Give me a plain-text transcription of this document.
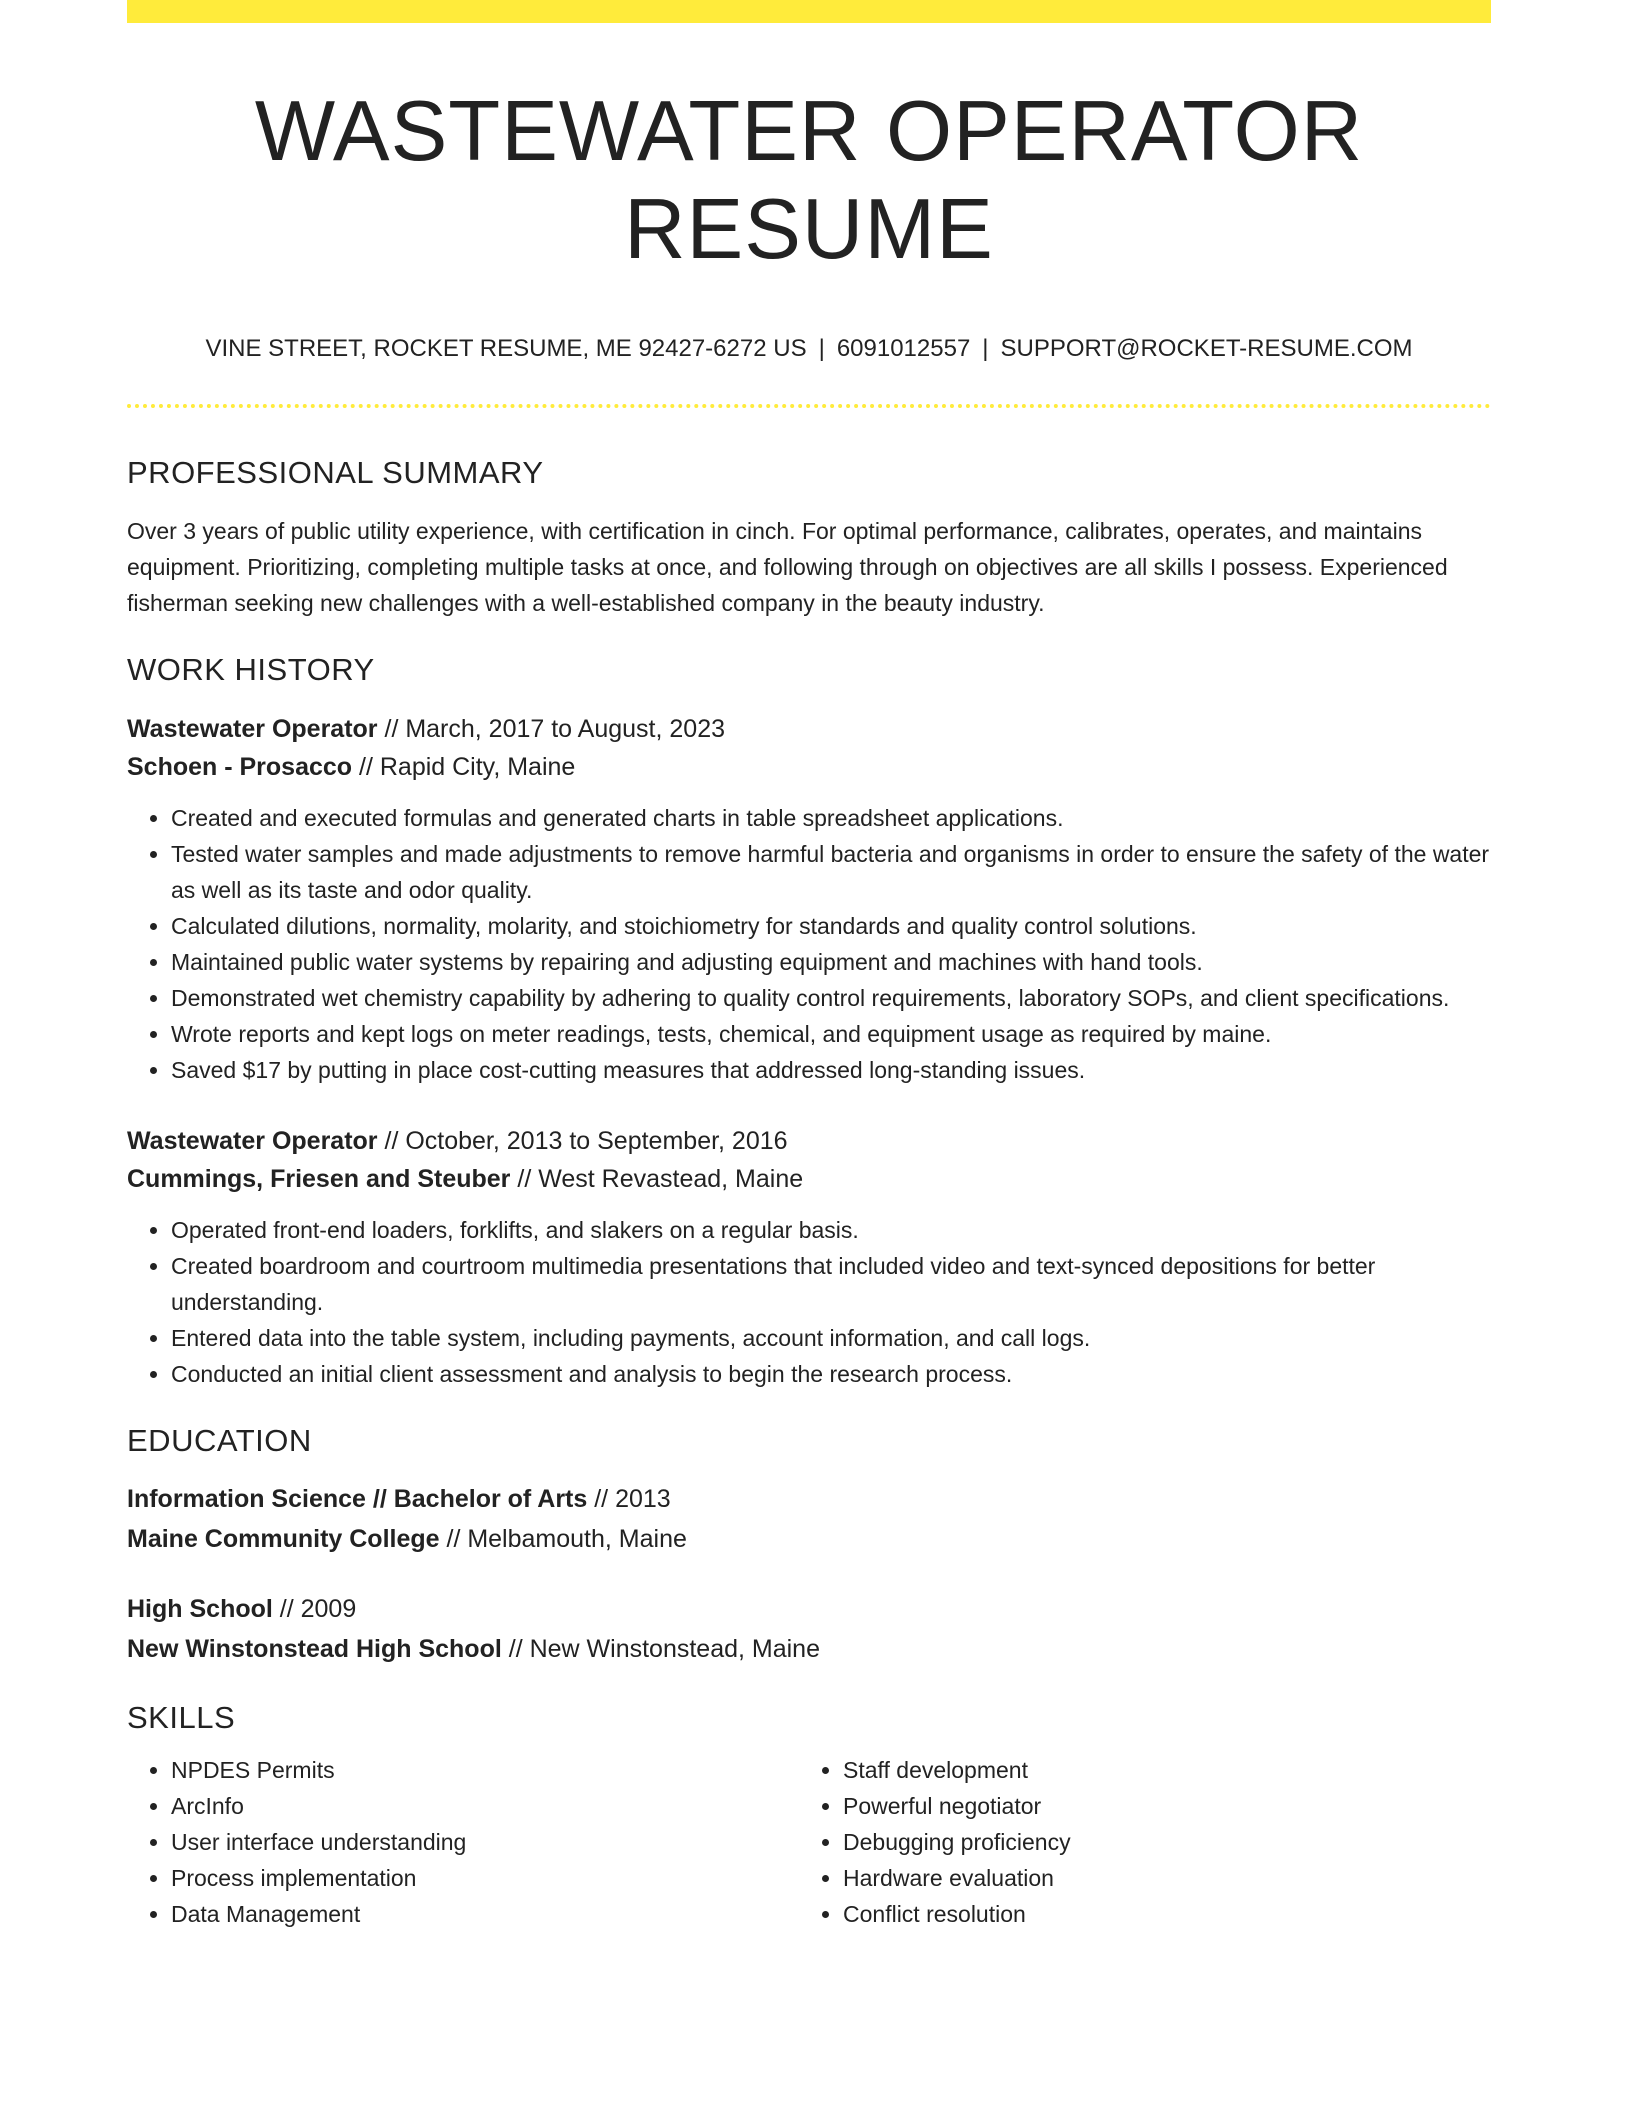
WASTEWATER OPERATOR RESUME
VINE STREET, ROCKET RESUME, ME 92427-6272 US | 6091012557 | SUPPORT@ROCKET-RESUME.COM
PROFESSIONAL SUMMARY

Over 3 years of public utility experience, with certification in cinch. For optimal performance, calibrates, operates, and maintains equipment. Prioritizing, completing multiple tasks at once, and following through on objectives are all skills I possess. Experienced fisherman seeking new challenges with a well-established company in the beauty industry.

WORK HISTORY
Wastewater Operator // March, 2017 to August, 2023
Schoen - Prosacco // Rapid City, Maine
• Created and executed formulas and generated charts in table spreadsheet applications.
• Tested water samples and made adjustments to remove harmful bacteria and organisms in order to ensure the safety of the water as well as its taste and odor quality.
• Calculated dilutions, normality, molarity, and stoichiometry for standards and quality control solutions.
• Maintained public water systems by repairing and adjusting equipment and machines with hand tools.
• Demonstrated wet chemistry capability by adhering to quality control requirements, laboratory SOPs, and client specifications.
• Wrote reports and kept logs on meter readings, tests, chemical, and equipment usage as required by maine.
• Saved $17 by putting in place cost-cutting measures that addressed long-standing issues.
Wastewater Operator // October, 2013 to September, 2016
Cummings, Friesen and Steuber // West Revastead, Maine
• Operated front-end loaders, forklifts, and slakers on a regular basis.
• Created boardroom and courtroom multimedia presentations that included video and text-synced depositions for better understanding.
• Entered data into the table system, including payments, account information, and call logs.
• Conducted an initial client assessment and analysis to begin the research process.
EDUCATION
Information Science // Bachelor of Arts // 2013
Maine Community College // Melbamouth, Maine
High School // 2009
New Winstonstead High School // New Winstonstead, Maine
SKILLS
• NPDES Permits
• ArcInfo
• User interface understanding
• Process implementation
• Data Management
• Staff development
• Powerful negotiator
• Debugging proficiency
• Hardware evaluation
• Conflict resolution
